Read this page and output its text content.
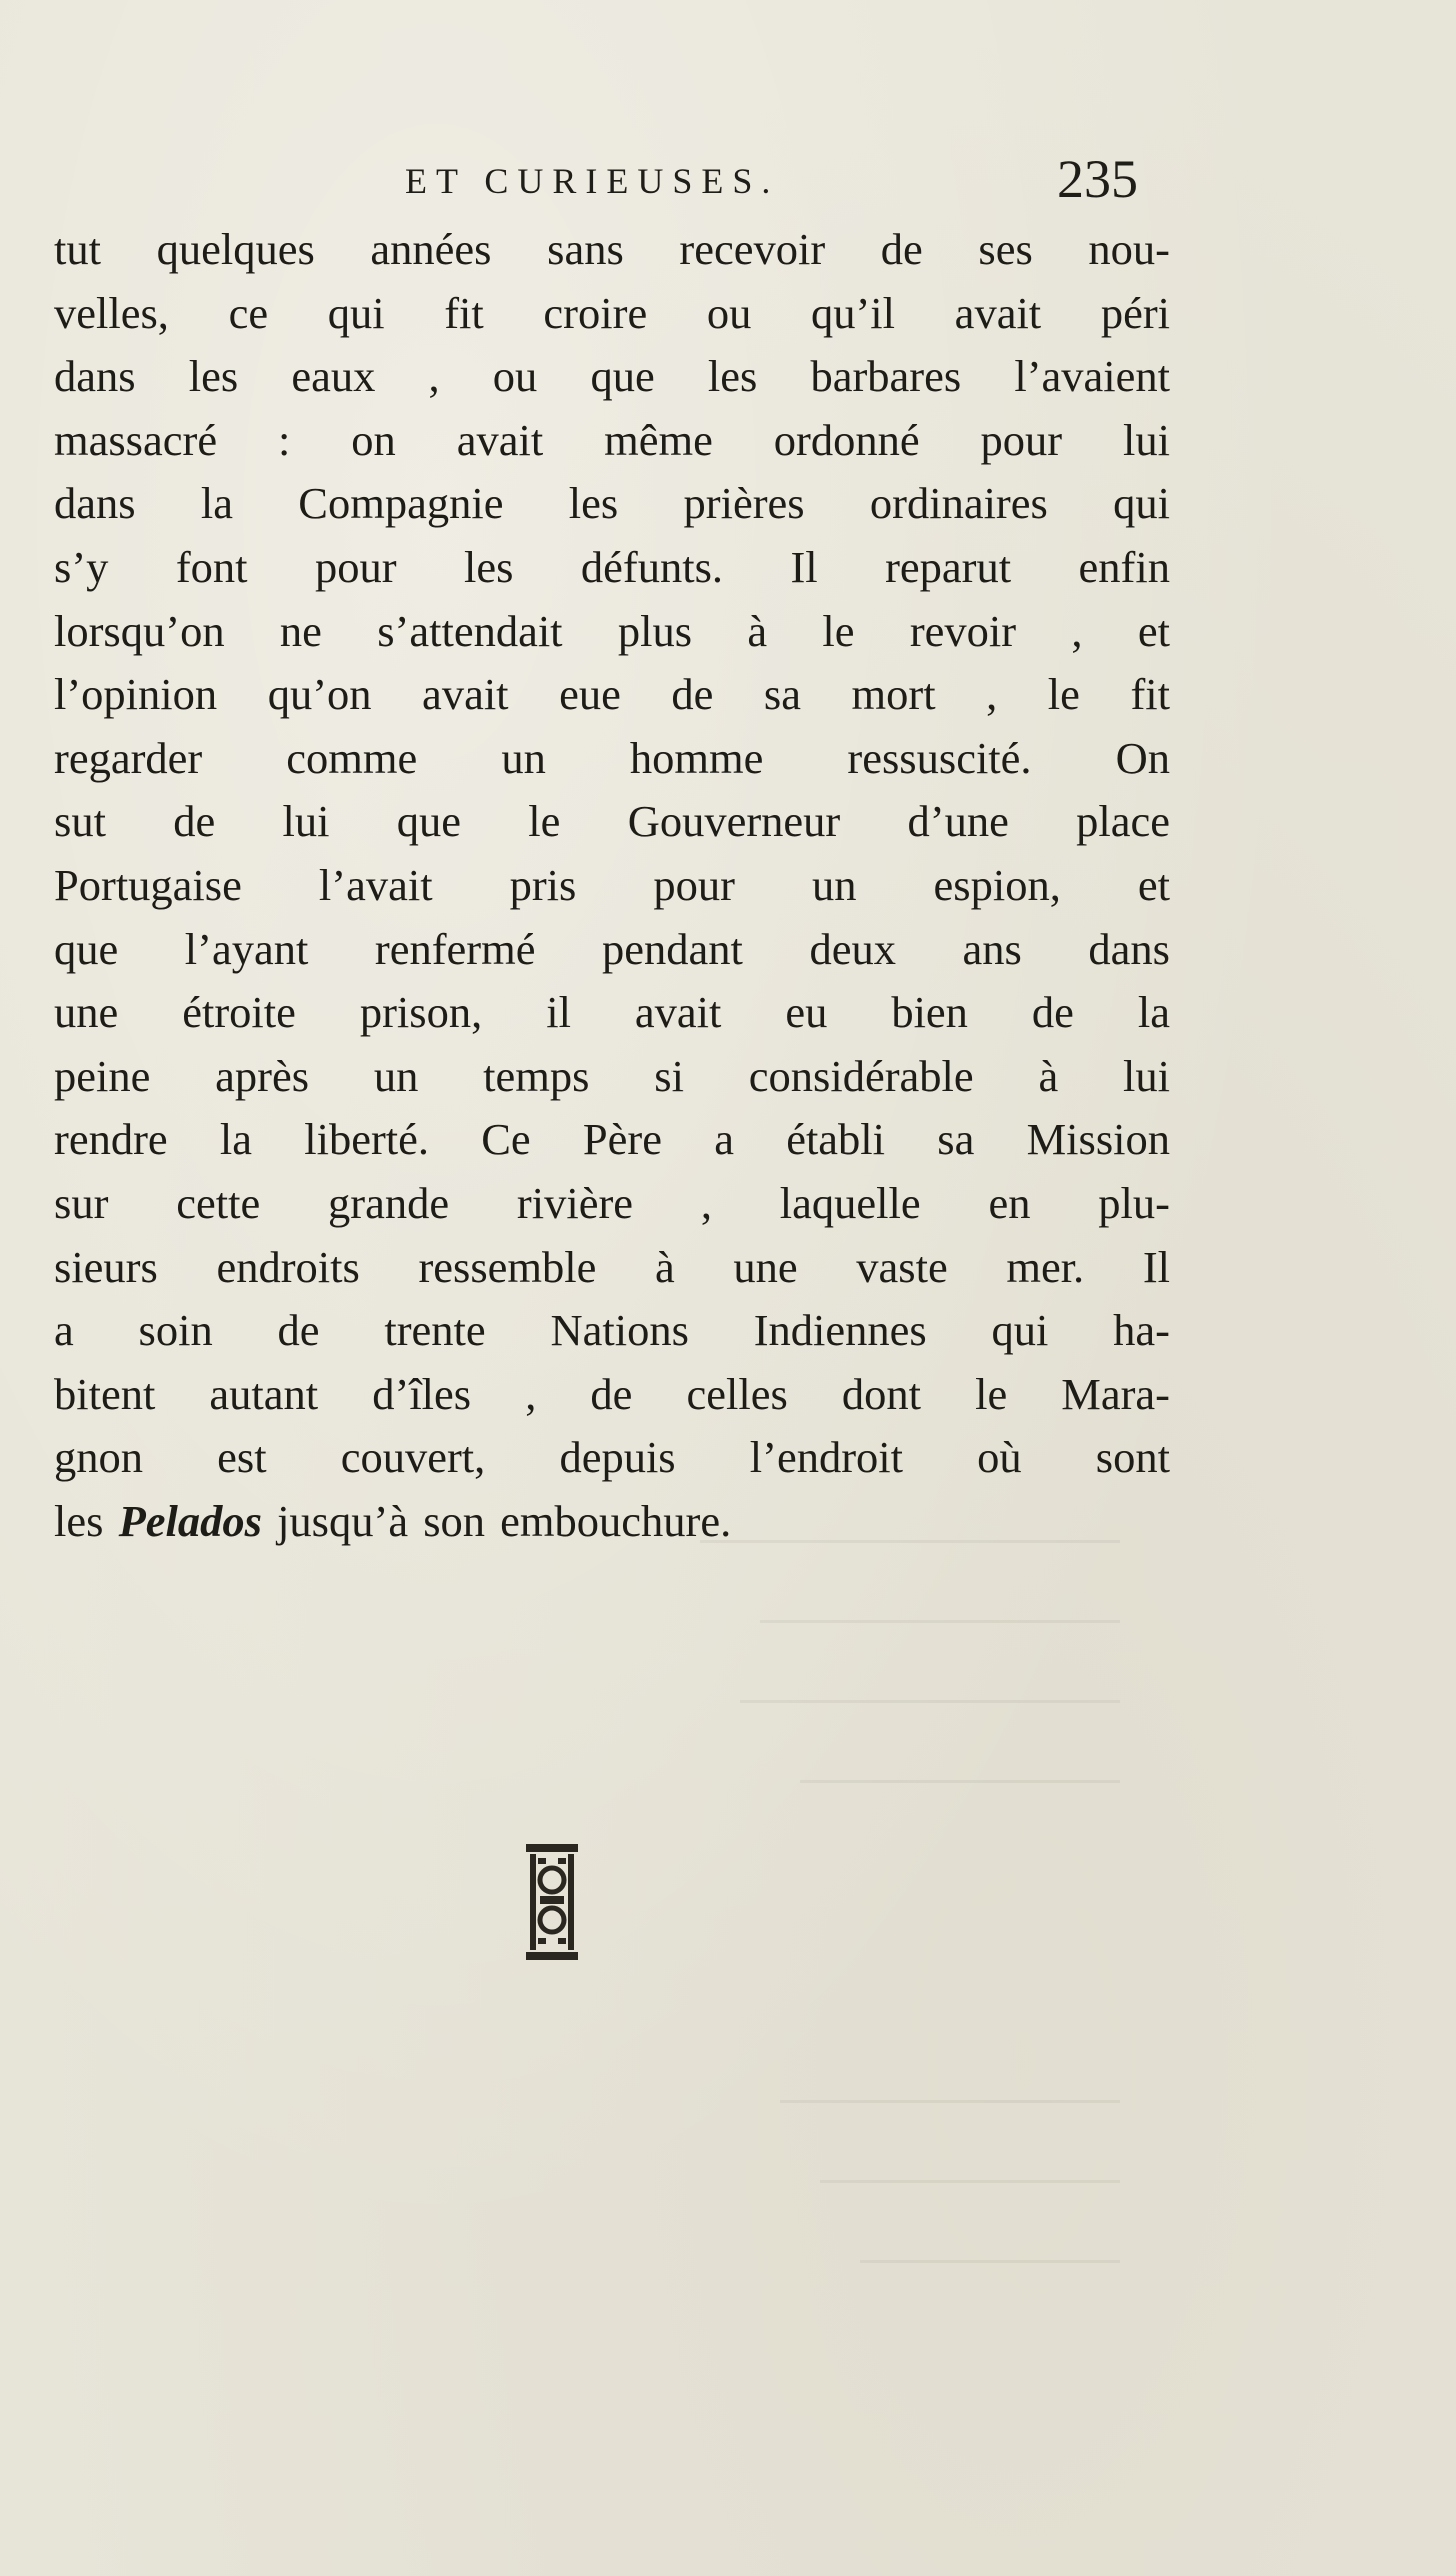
ET CURIEUSES.	235
tut quelques années sans recevoir de ses nou-
velles, ce qui fit croire ou qu’il avait péri
dans les eaux , ou que les barbares l’avaient
massacré : on avait même ordonné pour lui
dans la Compagnie les prières ordinaires qui
s’y font pour les défunts. Il reparut enfin
lorsqu’on ne s’attendait plus à le revoir , et
l’opinion qu’on avait eue de sa mort , le fit
regarder comme un homme ressuscité. On
sut de lui que le Gouverneur d’une place
Portugaise l’avait pris pour un espion, et
que l’ayant renfermé pendant deux ans dans
une étroite prison, il avait eu bien de la
peine après un temps si considérable à lui
rendre la liberté. Ce Père a établi sa Mission
sur cette grande rivière , laquelle en plu-
sieurs endroits ressemble à une vaste mer. Il
a soin de trente Nations Indiennes qui ha-
bitent autant d’îles , de celles dont le Mara-
gnon est couvert, depuis l’endroit où sont
les Pelados jusqu’à son embouchure.
